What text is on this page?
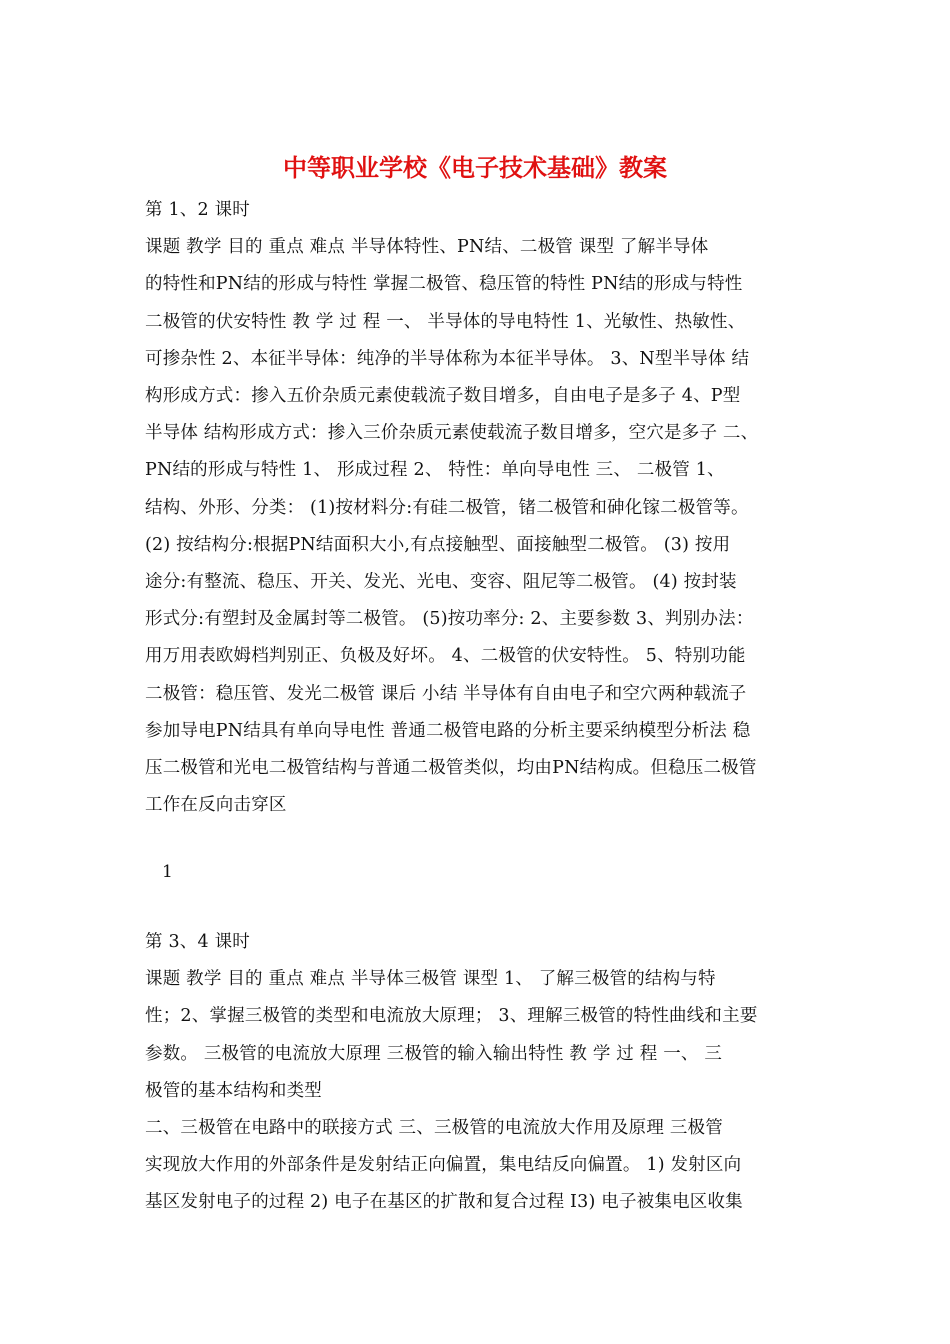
中等职业学校《电子技术基础》教案
第 1、2 课时
课题 教学 目的 重点 难点 半导体特性、PN结、二极管 课型 了解半导体
的特性和PN结的形成与特性 掌握二极管、稳压管的特性 PN结的形成与特性
二极管的伏安特性 教 学 过 程 一、 半导体的导电特性 1、光敏性、热敏性、
可掺杂性 2、本征半导体：纯净的半导体称为本征半导体。 3、N型半导体 结
构形成方式：掺入五价杂质元素使载流子数目增多，自由电子是多子 4、P型
半导体 结构形成方式：掺入三价杂质元素使载流子数目增多，空穴是多子 二、
PN结的形成与特性 1、 形成过程 2、 特性：单向导电性 三、 二极管 1、
结构、外形、分类： (1)按材料分:有硅二极管，锗二极管和砷化镓二极管等。
(2) 按结构分:根据PN结面积大小,有点接触型、面接触型二极管。 (3) 按用
途分:有整流、稳压、开关、发光、光电、变容、阻尼等二极管。 (4) 按封装
形式分:有塑封及金属封等二极管。 (5)按功率分: 2、主要参数 3、判别办法：
用万用表欧姆档判别正、负极及好坏。 4、二极管的伏安特性。 5、特别功能
二极管：稳压管、发光二极管 课后 小结 半导体有自由电子和空穴两种载流子
参加导电PN结具有单向导电性 普通二极管电路的分析主要采纳模型分析法 稳
压二极管和光电二极管结构与普通二极管类似，均由PN结构成。但稳压二极管
工作在反向击穿区
1
第 3、4 课时
课题 教学 目的 重点 难点 半导体三极管 课型 1、 了解三极管的结构与特
性；2、掌握三极管的类型和电流放大原理； 3、理解三极管的特性曲线和主要
参数。 三极管的电流放大原理 三极管的输入输出特性 教 学 过 程 一、 三
极管的基本结构和类型
二、三极管在电路中的联接方式 三、三极管的电流放大作用及原理 三极管
实现放大作用的外部条件是发射结正向偏置，集电结反向偏置。 1) 发射区向
基区发射电子的过程 2) 电子在基区的扩散和复合过程 I3) 电子被集电区收集
